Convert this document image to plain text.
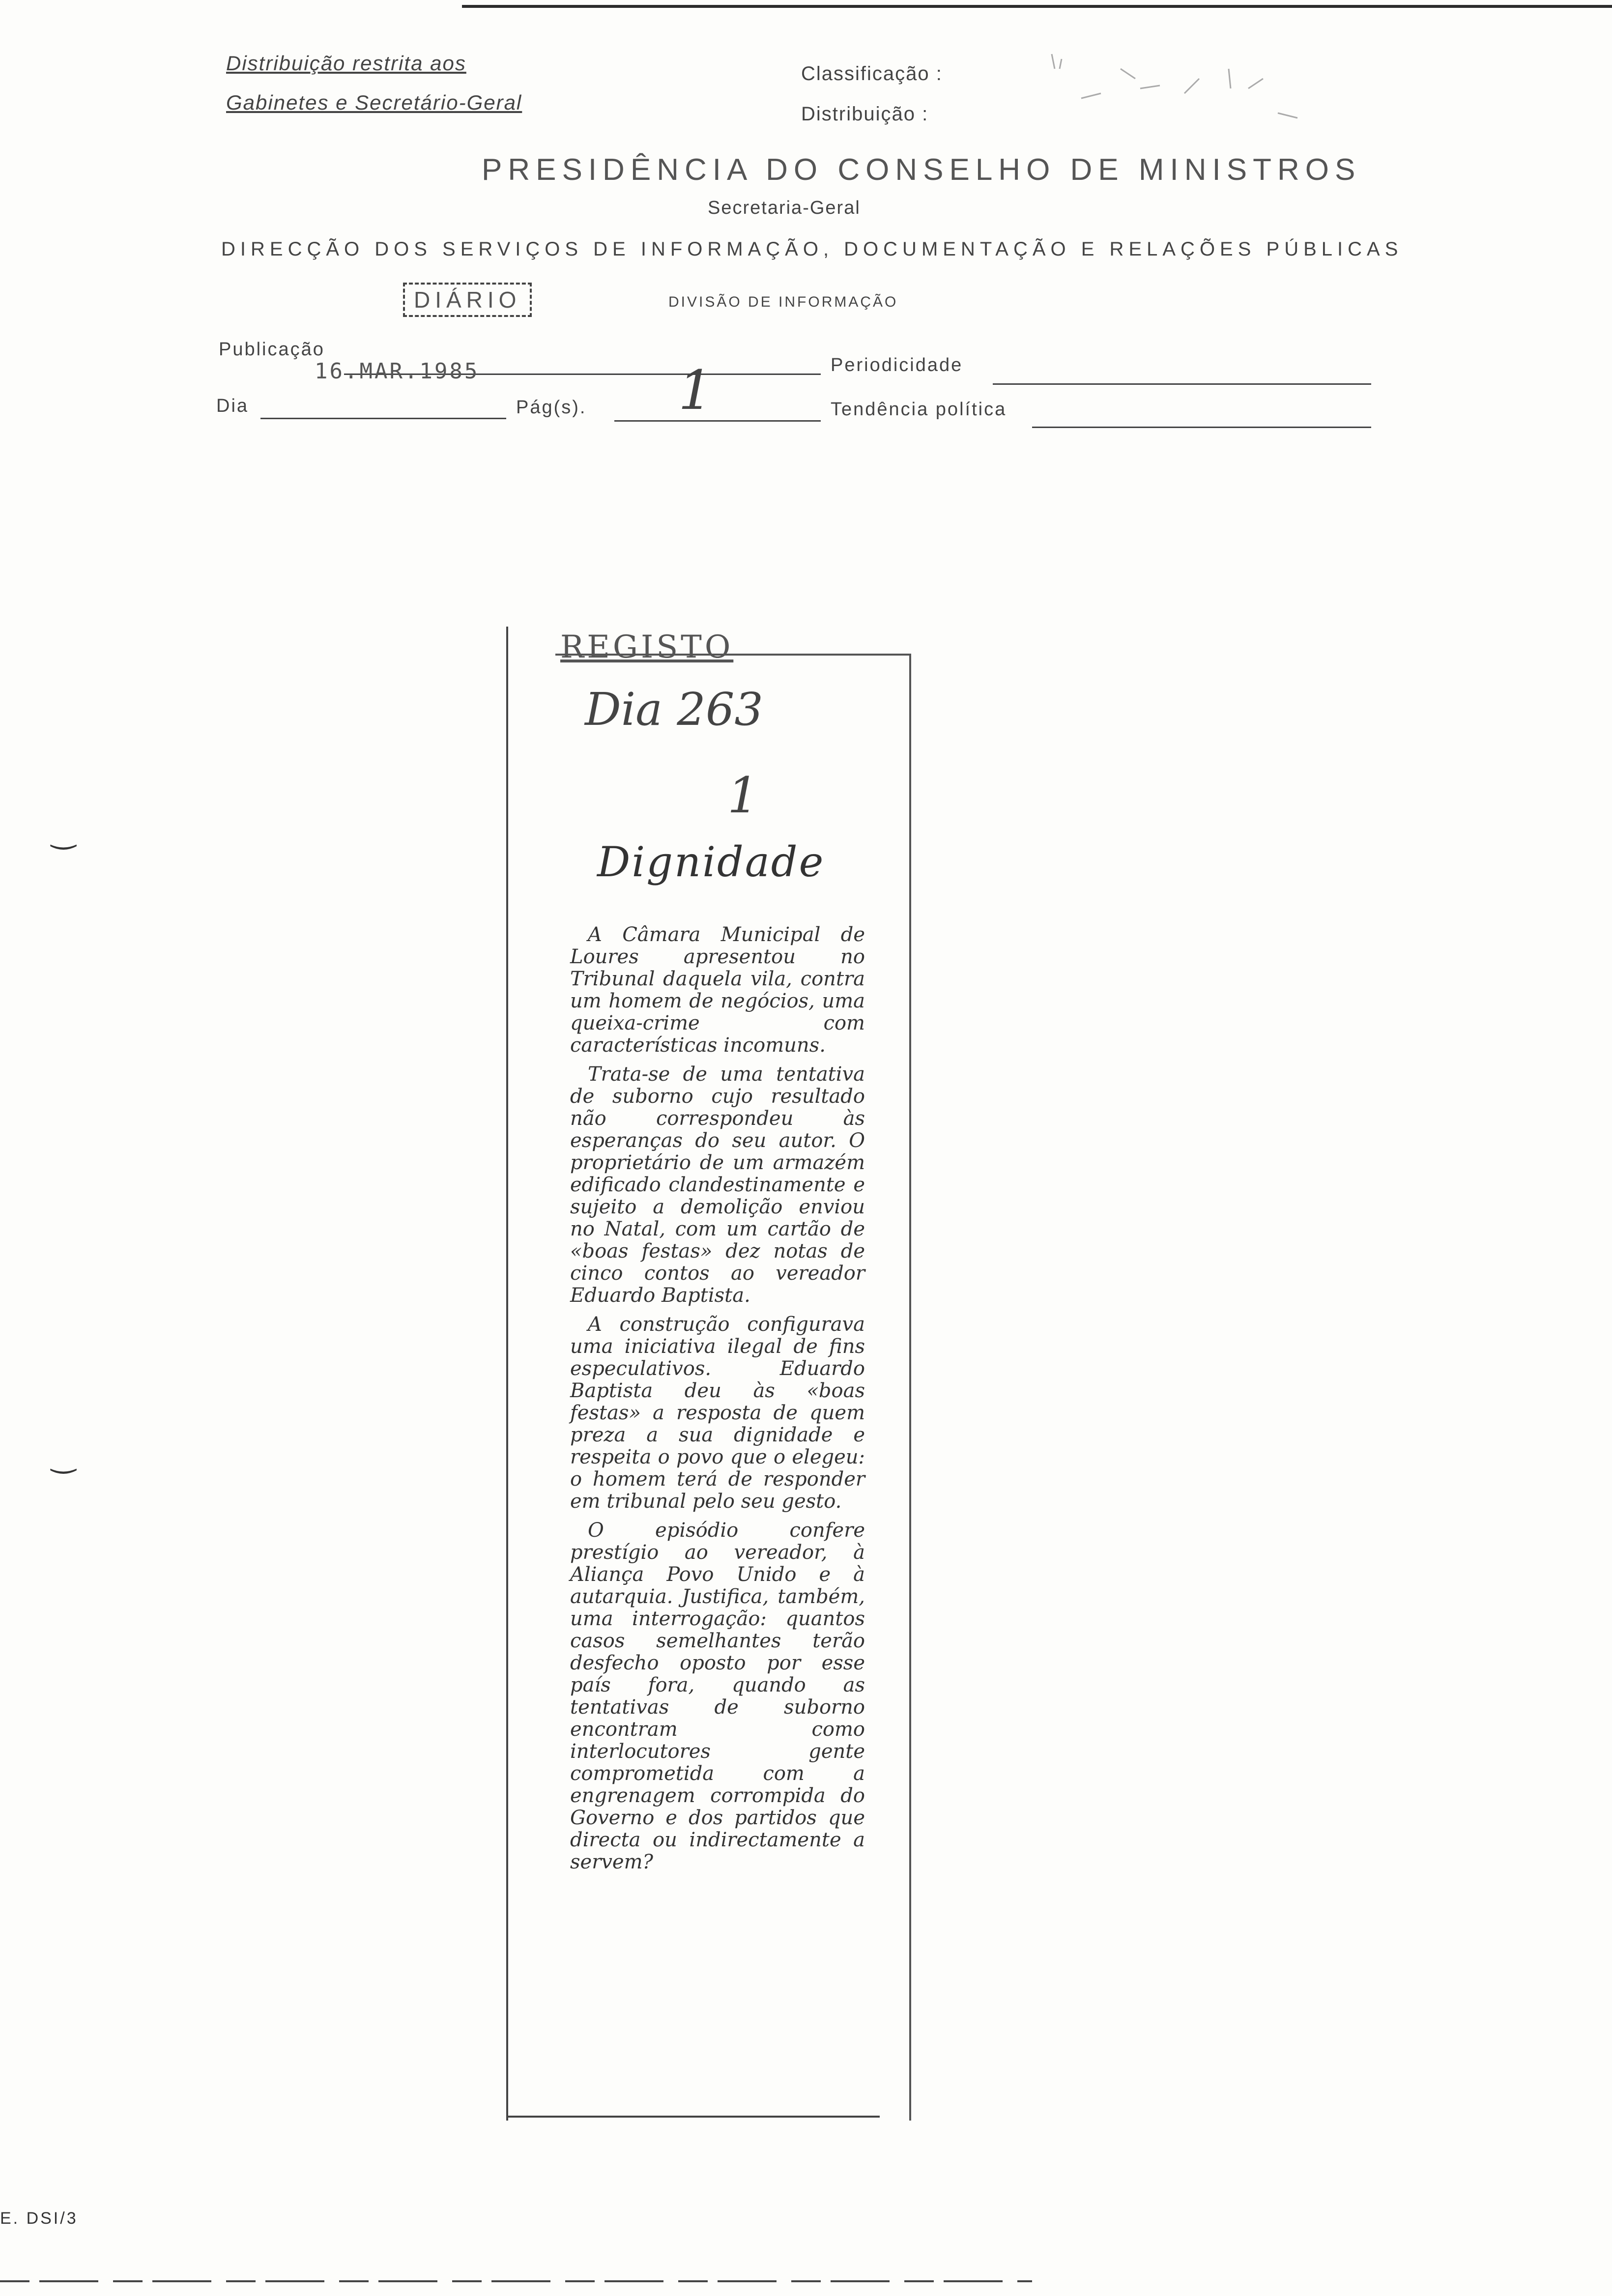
Distribuição restrita aos
Gabinetes e Secretário-Geral
Classificação :
Distribuição :
PRESIDÊNCIA DO CONSELHO DE MINISTROS
Secretaria-Geral
DIRECÇÃO DOS SERVIÇOS DE INFORMAÇÃO, DOCUMENTAÇÃO E RELAÇÕES PÚBLICAS
DIÁRIO	DIVISÃO DE INFORMAÇÃO
Publicação
16.MAR.1985	Periodicidade
Dia	Pág(s). 1	Tendência política
REGISTO
Dia 263
1
Dignidade

A Câmara Municipal de Loures apresentou no Tribunal daquela vila, contra um homem de negócios, uma queixa-crime com características incomuns.

Trata-se de uma tentativa de suborno cujo resultado não correspondeu às esperanças do seu autor. O proprietário de um armazém edificado clandestinamente e sujeito a demolição enviou no Natal, com um cartão de «boas festas» dez notas de cinco contos ao vereador Eduardo Baptista.

A construção configurava uma iniciativa ilegal de fins especulativos. Eduardo Baptista deu às «boas festas» a resposta de quem preza a sua dignidade e respeita o povo que o elegeu: o homem terá de responder em tribunal pelo seu gesto.

O episódio confere prestígio ao vereador, à Aliança Povo Unido e à autarquia. Justifica, também, uma interrogação: quantos casos semelhantes terão desfecho oposto por esse país fora, quando as tentativas de suborno encontram como interlocutores gente comprometida com a engrenagem corrompida do Governo e dos partidos que directa ou indirectamente a servem?

‿
‿
E. DSI/3
